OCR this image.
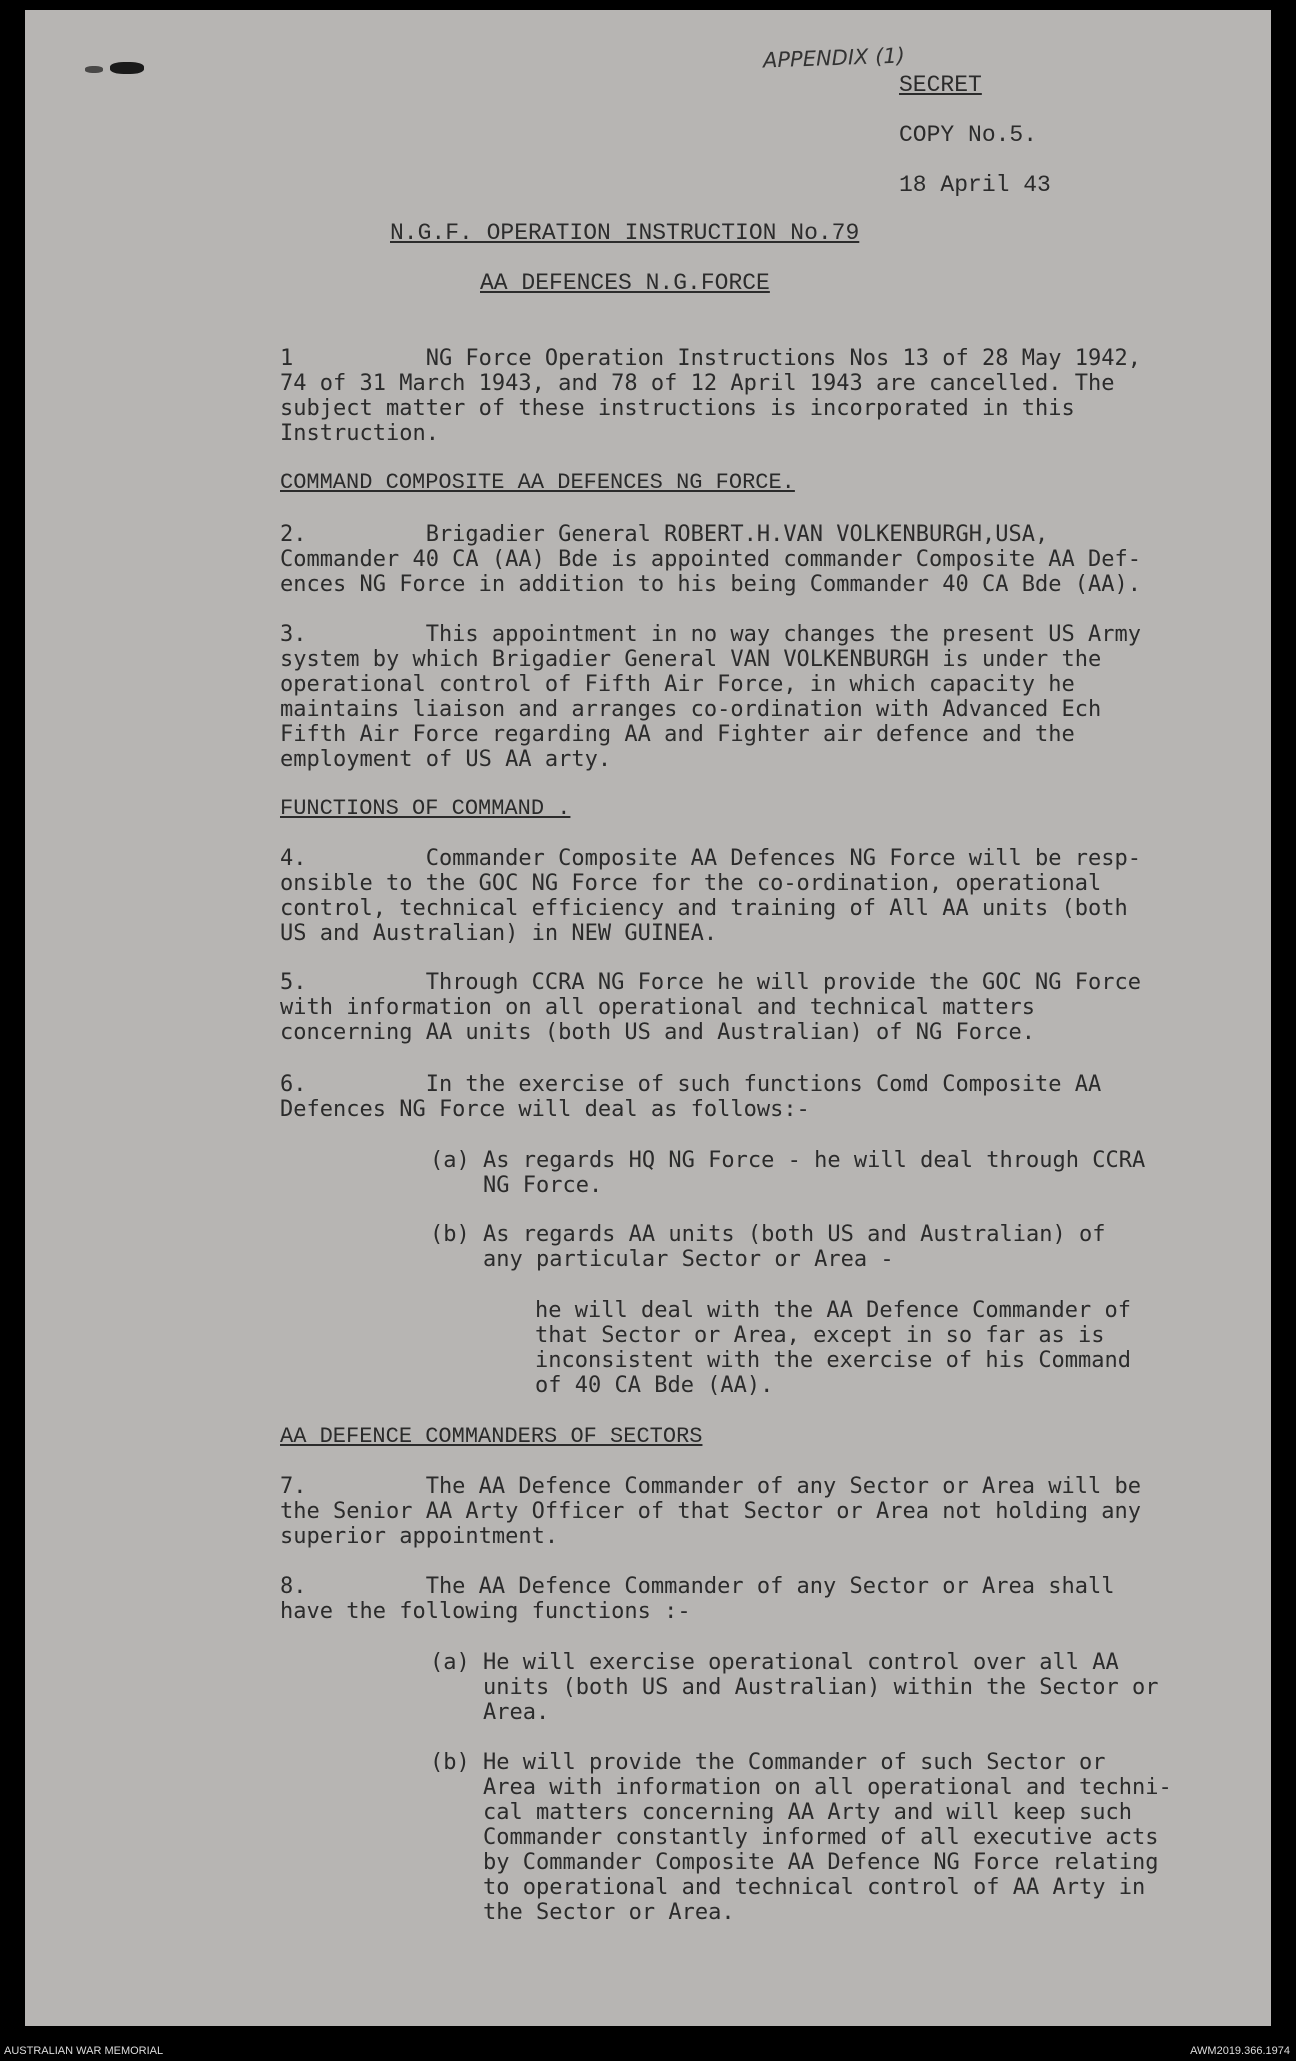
APPENDIX (1)
SECRET
COPY No.5.
18 April 43
N.G.F. OPERATION INSTRUCTION No.79
AA DEFENCES N.G.FORCE
1          NG Force Operation Instructions Nos 13 of 28 May 1942,
74 of 31 March 1943, and 78 of 12 April 1943 are cancelled. The
subject matter of these instructions is incorporated in this
Instruction.
COMMAND COMPOSITE AA DEFENCES NG FORCE.
2.         Brigadier General ROBERT.H.VAN VOLKENBURGH,USA,
Commander 40 CA (AA) Bde is appointed commander Composite AA Def-
ences NG Force in addition to his being Commander 40 CA Bde (AA).
3.         This appointment in no way changes the present US Army
system by which Brigadier General VAN VOLKENBURGH is under the
operational control of Fifth Air Force, in which capacity he
maintains liaison and arranges co-ordination with Advanced Ech
Fifth Air Force regarding AA and Fighter air defence and the
employment of US AA arty.
FUNCTIONS OF COMMAND .
4.         Commander Composite AA Defences NG Force will be resp-
onsible to the GOC NG Force for the co-ordination, operational
control, technical efficiency and training of All AA units (both
US and Australian) in NEW GUINEA.
5.         Through CCRA NG Force he will provide the GOC NG Force
with information on all operational and technical matters
concerning AA units (both US and Australian) of NG Force.
6.         In the exercise of such functions Comd Composite AA
Defences NG Force will deal as follows:-
(a) As regards HQ NG Force - he will deal through CCRA
NG Force.
(b) As regards AA units (both US and Australian) of
any particular Sector or Area -
he will deal with the AA Defence Commander of
that Sector or Area, except in so far as is
inconsistent with the exercise of his Command
of 40 CA Bde (AA).
AA DEFENCE COMMANDERS OF SECTORS
7.         The AA Defence Commander of any Sector or Area will be
the Senior AA Arty Officer of that Sector or Area not holding any
superior appointment.
8.         The AA Defence Commander of any Sector or Area shall
have the following functions :-
(a) He will exercise operational control over all AA
units (both US and Australian) within the Sector or
Area.
(b) He will provide the Commander of such Sector or
Area with information on all operational and techni-
cal matters concerning AA Arty and will keep such
Commander constantly informed of all executive acts
by Commander Composite AA Defence NG Force relating
to operational and technical control of AA Arty in
the Sector or Area.
AUSTRALIAN WAR MEMORIAL	AWM2019.366.1974
